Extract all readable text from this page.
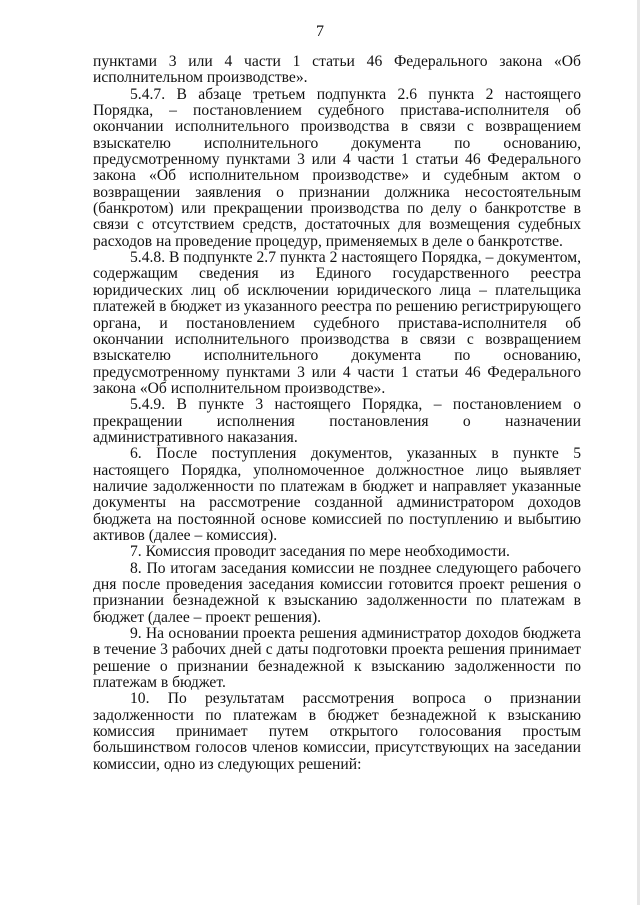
7

пунктами 3 или 4 части 1 статьи 46 Федерального закона «Об исполнительном производстве».

5.4.7. В абзаце третьем подпункта 2.6 пункта 2 настоящего Порядка, – постановлением судебного пристава-исполнителя об окончании исполнительного производства в связи с возвращением взыскателю исполнительного документа по основанию, предусмотренному пунктами 3 или 4 части 1 статьи 46 Федерального закона «Об исполнительном производстве» и судебным актом о возвращении заявления о признании должника несостоятельным (банкротом) или прекращении производства по делу о банкротстве в связи с отсутствием средств, достаточных для возмещения судебных расходов на проведение процедур, применяемых в деле о банкротстве.

5.4.8. В подпункте 2.7 пункта 2 настоящего Порядка, – документом, содержащим сведения из Единого государственного реестра юридических лиц об исключении юридического лица – плательщика платежей в бюджет из указанного реестра по решению регистрирующего органа, и постановлением судебного пристава-исполнителя об окончании исполнительного производства в связи с возвращением взыскателю исполнительного документа по основанию, предусмотренному пунктами 3 или 4 части 1 статьи 46 Федерального закона «Об исполнительном производстве».

5.4.9. В пункте 3 настоящего Порядка, – постановлением о прекращении исполнения постановления о назначении административного наказания.

6. После поступления документов, указанных в пункте 5 настоящего Порядка, уполномоченное должностное лицо выявляет наличие задолженности по платежам в бюджет и направляет указанные документы на рассмотрение созданной администратором доходов бюджета на постоянной основе комиссией по поступлению и выбытию активов (далее – комиссия).

7. Комиссия проводит заседания по мере необходимости.

8. По итогам заседания комиссии не позднее следующего рабочего дня после проведения заседания комиссии готовится проект решения о признании безнадежной к взысканию задолженности по платежам в бюджет (далее – проект решения).

9. На основании проекта решения администратор доходов бюджета в течение 3 рабочих дней с даты подготовки проекта решения принимает решение о признании безнадежной к взысканию задолженности по платежам в бюджет.

10. По результатам рассмотрения вопроса о признании задолженности по платежам в бюджет безнадежной к взысканию комиссия принимает путем открытого голосования простым большинством голосов членов комиссии, присутствующих на заседании комиссии, одно из следующих решений:
